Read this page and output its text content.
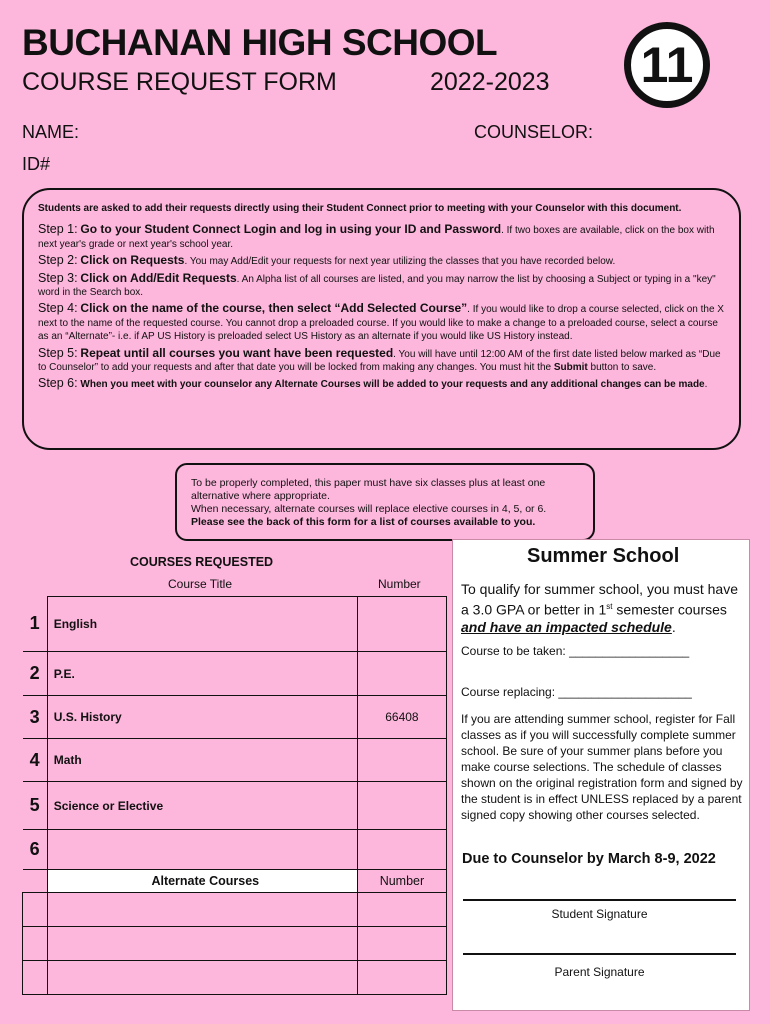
BUCHANAN HIGH SCHOOL
COURSE REQUEST FORM	2022-2023	11
NAME:	COUNSELOR:
ID#

Students are asked to add their requests directly using their Student Connect prior to meeting with your Counselor with this document.

Step 1: Go to your Student Connect Login and log in using your ID and Password. If two boxes are available, click on the box with next year's grade or next year's school year.

Step 2: Click on Requests. You may Add/Edit your requests for next year utilizing the classes that you have recorded below.

Step 3: Click on Add/Edit Requests. An Alpha list of all courses are listed, and you may narrow the list by choosing a Subject or typing in a "key" word in the Search box.

Step 4: Click on the name of the course, then select “Add Selected Course”. If you would like to drop a course selected, click on the X next to the name of the requested course. You cannot drop a preloaded course. If you would like to make a change to a preloaded course, select a course as an “Alternate”- i.e. if AP US History is preloaded select US History as an alternate if you would like US History instead.

Step 5: Repeat until all courses you want have been requested. You will have until 12:00 AM of the first date listed below marked as “Due to Counselor” to add your requests and after that date you will be locked from making any changes. You must hit the Submit button to save.

Step 6: When you meet with your counselor any Alternate Courses will be added to your requests and any additional changes can be made.

To be properly completed, this paper must have six classes plus at least one alternative where appropriate.
When necessary, alternate courses will replace elective courses in 4, 5, or 6.
Please see the back of this form for a list of courses available to you.
COURSES REQUESTED
Course Title	Number
1	English	
2	P.E.	
3	U.S. History	66408
4	Math	
5	Science or Elective	
6		
	Alternate Courses	Number

Summer School
To qualify for summer school, you must have a 3.0 GPA or better in 1st semester courses and have an impacted schedule.
Course to be taken: __________________
Course replacing: ____________________
If you are attending summer school, register for Fall classes as if you will successfully complete summer school. Be sure of your summer plans before you make course selections. The schedule of classes shown on the original registration form and signed by the student is in effect UNLESS replaced by a parent signed copy showing other courses selected.
Due to Counselor by March 8-9, 2022
Student Signature
Parent Signature
